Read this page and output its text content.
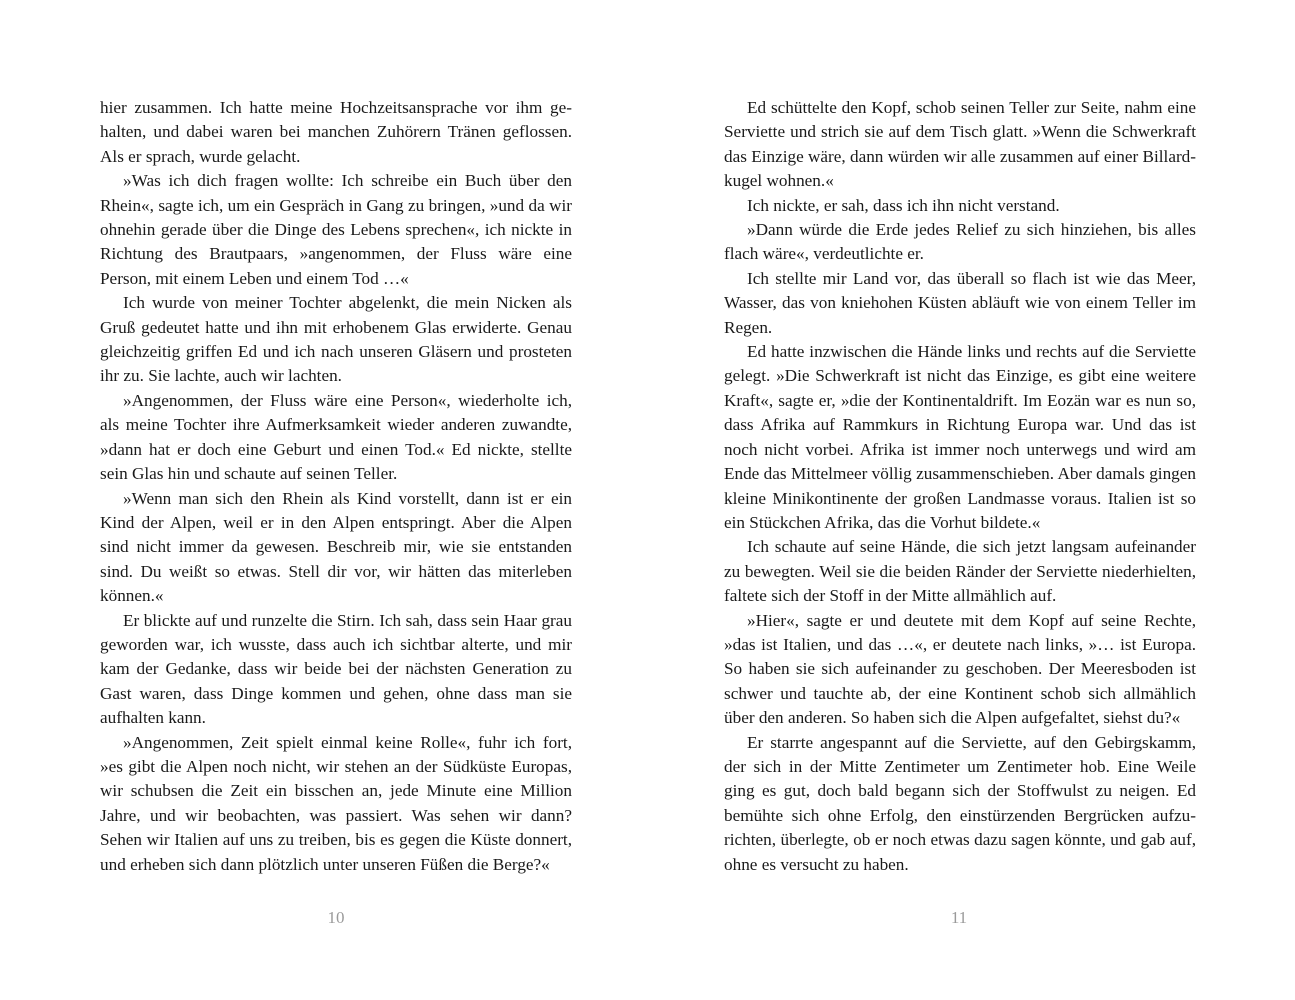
hier zusammen. Ich hatte meine Hochzeitsansprache vor ihm gehalten, und dabei waren bei manchen Zuhörern Tränen geflossen. Als er sprach, wurde gelacht.

»Was ich dich fragen wollte: Ich schreibe ein Buch über den Rhein«, sagte ich, um ein Gespräch in Gang zu bringen, »und da wir ohnehin gerade über die Dinge des Lebens sprechen«, ich nickte in Richtung des Brautpaars, »angenommen, der Fluss wäre eine Person, mit einem Leben und einem Tod …«

Ich wurde von meiner Tochter abgelenkt, die mein Nicken als Gruß gedeutet hatte und ihn mit erhobenem Glas erwiderte. Genau gleichzeitig griffen Ed und ich nach unseren Gläsern und prosteten ihr zu. Sie lachte, auch wir lachten.

»Angenommen, der Fluss wäre eine Person«, wiederholte ich, als meine Tochter ihre Aufmerksamkeit wieder anderen zuwandte, »dann hat er doch eine Geburt und einen Tod.« Ed nickte, stellte sein Glas hin und schaute auf seinen Teller.

»Wenn man sich den Rhein als Kind vorstellt, dann ist er ein Kind der Alpen, weil er in den Alpen entspringt. Aber die Alpen sind nicht immer da gewesen. Beschreib mir, wie sie entstanden sind. Du weißt so etwas. Stell dir vor, wir hätten das miterleben können.«

Er blickte auf und runzelte die Stirn. Ich sah, dass sein Haar grau geworden war, ich wusste, dass auch ich sichtbar alterte, und mir kam der Gedanke, dass wir beide bei der nächsten Generation zu Gast waren, dass Dinge kommen und gehen, ohne dass man sie aufhalten kann.

»Angenommen, Zeit spielt einmal keine Rolle«, fuhr ich fort, »es gibt die Alpen noch nicht, wir stehen an der Südküste Europas, wir schubsen die Zeit ein bisschen an, jede Minute eine Million Jahre, und wir beobachten, was passiert. Was sehen wir dann? Sehen wir Italien auf uns zu treiben, bis es gegen die Küste donnert, und erheben sich dann plötzlich unter unseren Füßen die Berge?«

Ed schüttelte den Kopf, schob seinen Teller zur Seite, nahm eine Serviette und strich sie auf dem Tisch glatt. »Wenn die Schwerkraft das Einzige wäre, dann würden wir alle zusammen auf einer Billardkugel wohnen.«

Ich nickte, er sah, dass ich ihn nicht verstand.

»Dann würde die Erde jedes Relief zu sich hinziehen, bis alles flach wäre«, verdeutlichte er.

Ich stellte mir Land vor, das überall so flach ist wie das Meer, Wasser, das von kniehohen Küsten abläuft wie von einem Teller im Regen.

Ed hatte inzwischen die Hände links und rechts auf die Serviette gelegt. »Die Schwerkraft ist nicht das Einzige, es gibt eine weitere Kraft«, sagte er, »die der Kontinentaldrift. Im Eozän war es nun so, dass Afrika auf Rammkurs in Richtung Europa war. Und das ist noch nicht vorbei. Afrika ist immer noch unterwegs und wird am Ende das Mittelmeer völlig zusammenschieben. Aber damals gingen kleine Minikontinente der großen Landmasse voraus. Italien ist so ein Stückchen Afrika, das die Vorhut bildete.«

Ich schaute auf seine Hände, die sich jetzt langsam aufeinander zu bewegten. Weil sie die beiden Ränder der Serviette niederhielten, faltete sich der Stoff in der Mitte allmählich auf.

»Hier«, sagte er und deutete mit dem Kopf auf seine Rechte, »das ist Italien, und das …«, er deutete nach links, »… ist Europa. So haben sie sich aufeinander zu geschoben. Der Meeresboden ist schwer und tauchte ab, der eine Kontinent schob sich allmählich über den anderen. So haben sich die Alpen aufgefaltet, siehst du?«

Er starrte angespannt auf die Serviette, auf den Gebirgskamm, der sich in der Mitte Zentimeter um Zentimeter hob. Eine Weile ging es gut, doch bald begann sich der Stoffwulst zu neigen. Ed bemühte sich ohne Erfolg, den einstürzenden Bergrücken aufzurichten, überlegte, ob er noch etwas dazu sagen könnte, und gab auf, ohne es versucht zu haben.

10	11
